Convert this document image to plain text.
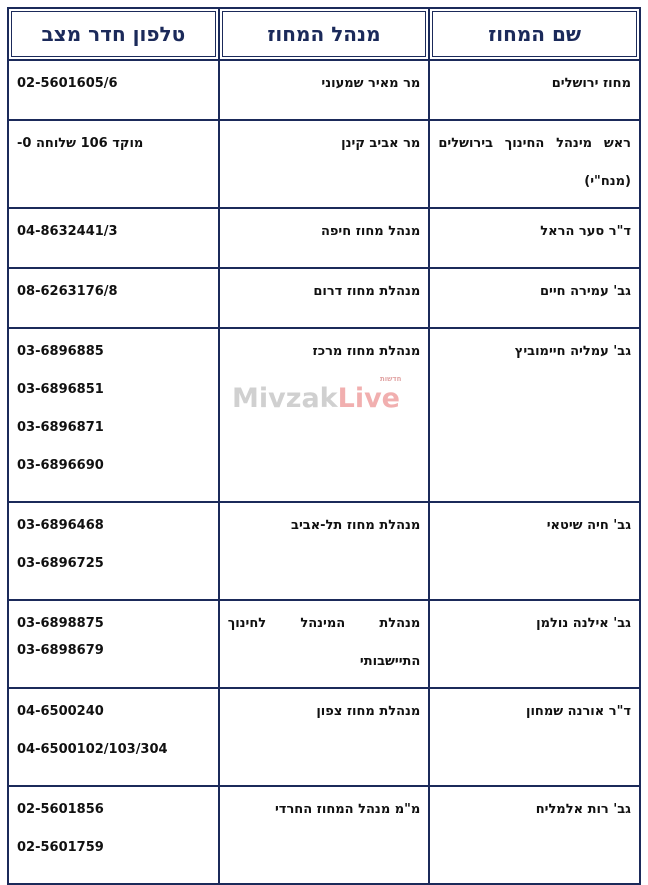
שם המחוז	מנהל המחוז	טלפון חדר מצב
מחוז ירושלים	מר מאיר שמעוני	02-5601605/6

ראש מינהל החינוך בירושלים (מנח"י)	מר אביב קינן	מוקד 106 שלוחה 0-

ד"ר סער הראל	מנהל מחוז חיפה	04-8632441/3

גב' עמירה חיים	מנהלת מחוז דרום	08-6263176/8

גב' עמליה חיימוביץ	מנהלת מחוז מרכז	03-6896885
03-6896851
03-6896871
03-6896690

גב' חיה שיטאי	מנהלת מחוז תל-אביב	03-6896468
03-6896725

גב' אילנה נולמן	מנהלת המינהל לחינוך התיישבותי	03-6898875
03-6898679

ד"ר אורנה שמחון	מנהלת מחוז צפון	04-6500240
04-6500102/103/304

גב' רות אלמליח	מ"מ מנהל המחוז החרדי	02-5601856
02-5601759
MivzakLive
חדשות
